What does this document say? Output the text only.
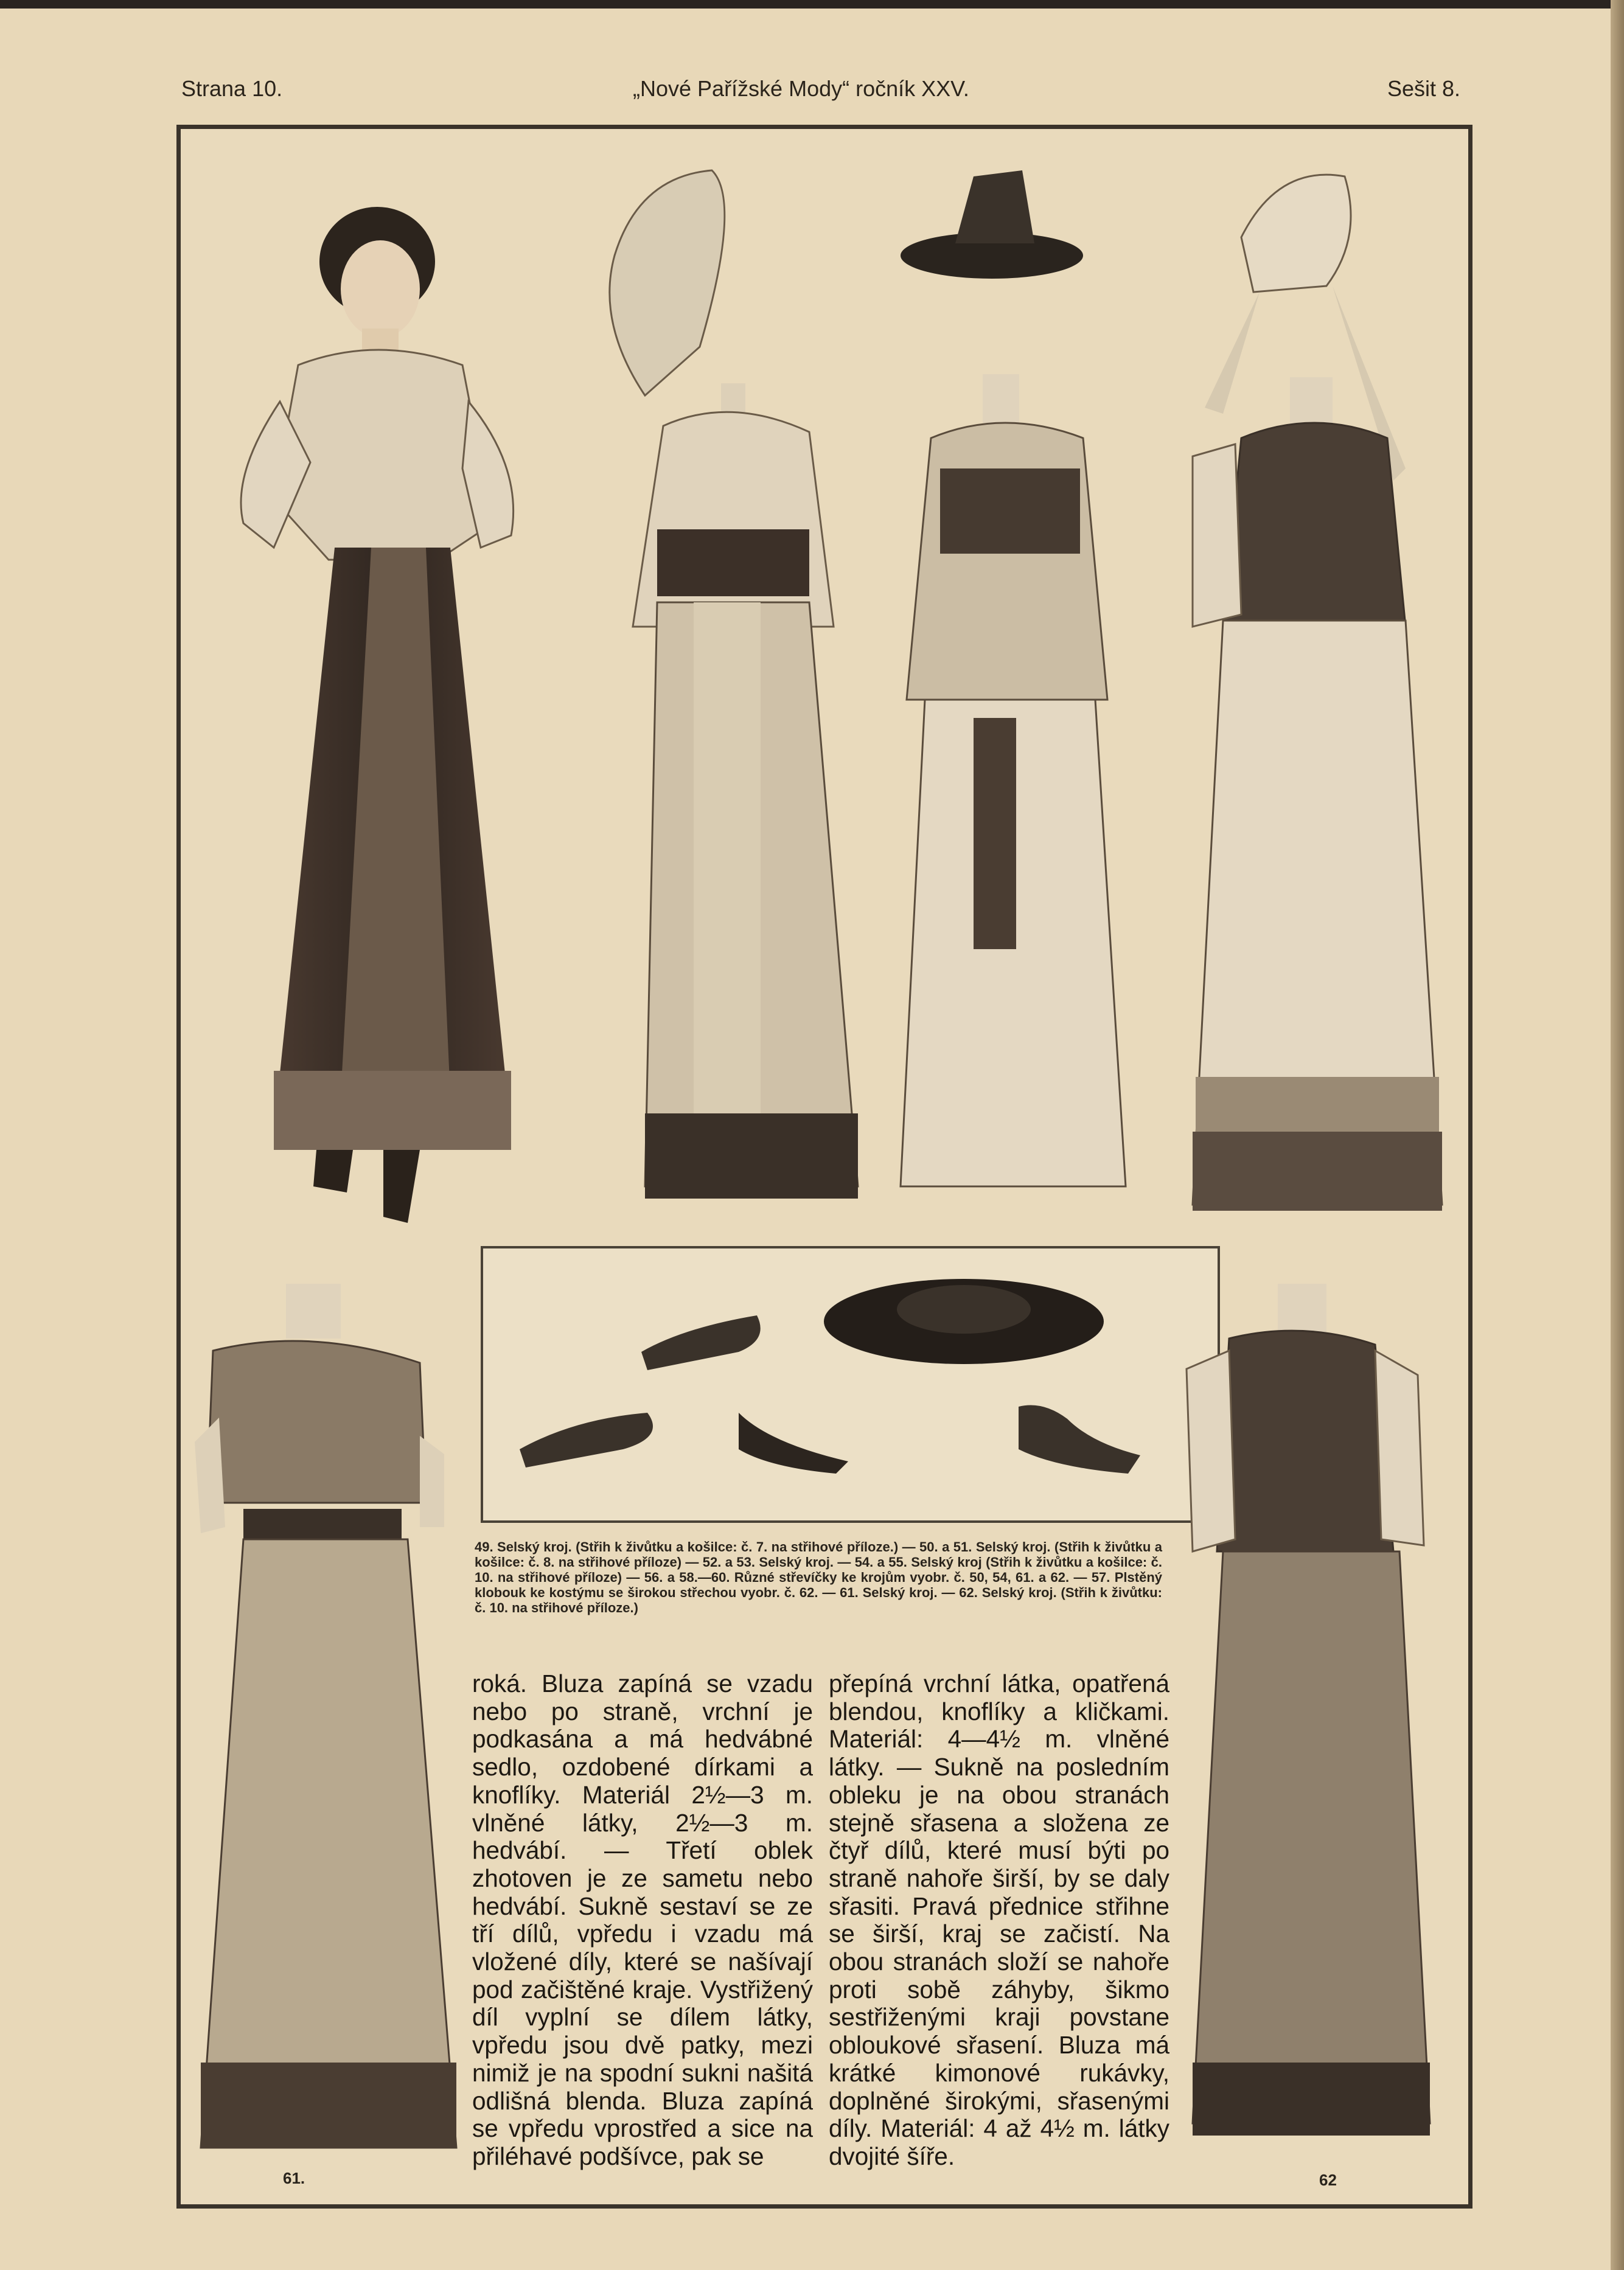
Strana 10.	„Nové Pařížské Mody“ ročník XXV.	Sešit 8.
61.	62
49. Selský kroj. (Střih k živůtku a košilce: č. 7. na střihové příloze.) — 50. a 51. Selský kroj. (Střih k živůtku a košilce: č. 8. na střihové příloze) — 52. a 53. Selský kroj. — 54. a 55. Selský kroj (Střih k živůtku a košilce: č. 10. na střihové příloze) — 56. a 58.—60. Různé střevíčky ke krojům vyobr. č. 50, 54, 61. a 62. — 57. Plstěný klobouk ke kostýmu se širokou střechou vyobr. č. 62. — 61. Selský kroj. — 62. Selský kroj. (Střih k živůtku: č. 10. na střihové příloze.)

roká. Bluza zapíná se vzadu nebo po straně, vrchní je podkasána a má hedvábné sedlo, ozdobené dírkami a knoflíky. Materiál 2½—3 m. vlněné látky, 2½—3 m. hedvábí. — Třetí oblek zhotoven je ze sametu nebo hedvábí. Sukně sestaví se ze tří dílů, vpředu i vzadu má vložené díly, které se našívají pod začištěné kraje. Vystřižený díl vyplní se dílem látky, vpředu jsou dvě patky, mezi nimiž je na spodní sukni našitá odlišná blenda. Bluza zapíná se vpředu vprostřed a sice na přiléhavé podšívce, pak se

přepíná vrchní látka, opatřená blendou, knoflíky a kličkami. Materiál: 4—4½ m. vlněné látky. — Sukně na posledním obleku je na obou stranách stejně sřasena a složena ze čtyř dílů, které musí býti po straně nahoře širší, by se daly sřasiti. Pravá přednice střihne se širší, kraj se začistí. Na obou stranách složí se nahoře proti sobě záhyby, šikmo sestřiženými kraji povstane obloukové sřasení. Bluza má krátké kimonové rukávky, doplněné širokými, sřasenými díly. Materiál: 4 až 4½ m. látky dvojité šíře.
